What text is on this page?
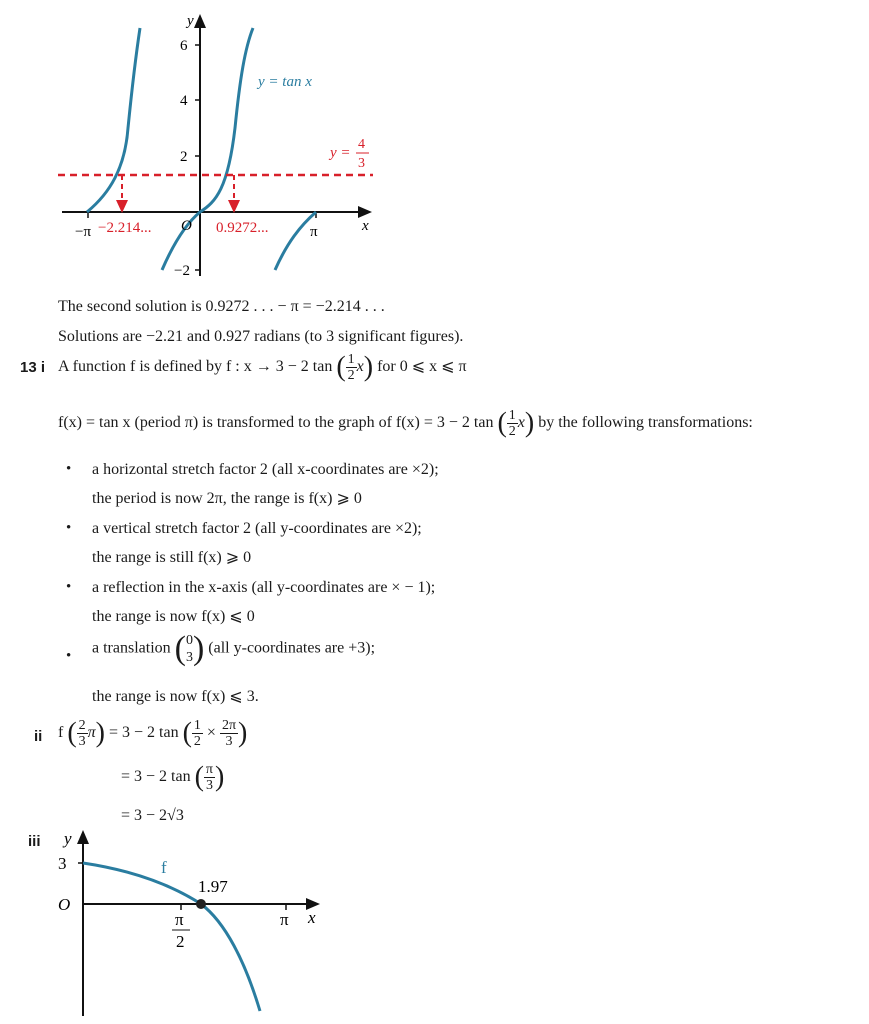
y
x
O
6
4
2
−2
−π	π
y = tan x
y =
4
3
−2.214...	0.9272...
The second solution is 0.9272 . . . − π = −2.214 . . .
Solutions are −2.21 and 0.927 radians (to 3 significant figures).
13 i A function f is defined by f : x → 3 − 2 tan ( $\frac{1}{2} x$) for 0 ⩽ x ⩽ π
f(x) = tan x (period π) is transformed to the graph of f(x) = 3 − 2 tan ( $\frac{1}{2} x$) by the following transformations:
• a horizontal stretch factor 2 (all x-coordinates are ×2);
the period is now 2π, the range is f(x) ⩾ 0
• a vertical stretch factor 2 (all y-coordinates are ×2);
the range is still f(x) ⩾ 0
• a reflection in the x-axis (all y-coordinates are × − 1);
the range is now f(x) ⩽ 0
• a translation ( 0
3 ) (all y-coordinates are +3);
the range is now f(x) ⩽ 3.
ii f ( $\frac{2}{3} \pi) = 3 - 2$ tan ( $\frac{1}{2} \times \frac{2\pi}{3}$ )
= 3 − 2 tan ( $\frac{\pi}{3}$ )
= 3 − 2√3
iii y
3
O
x
f
1.97
π
2
π
